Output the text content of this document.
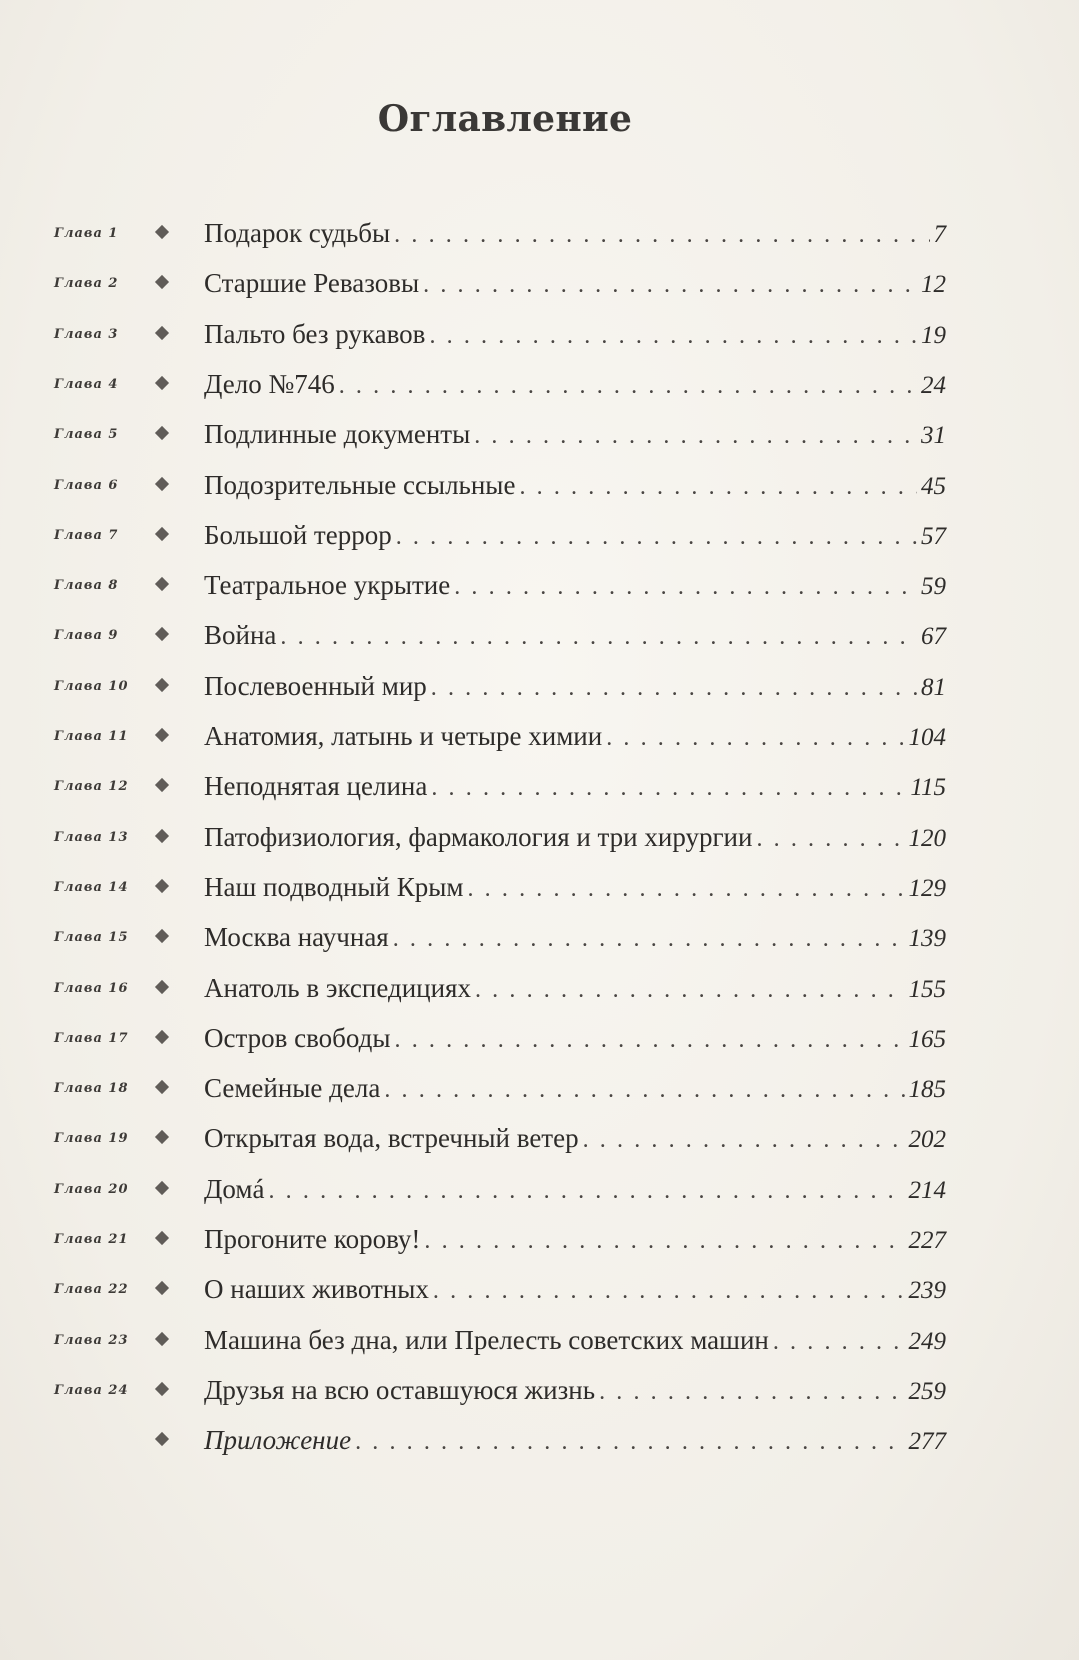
Оглавление
Глава 1	Подарок судьбы . . .	7
Глава 2	Старшие Ревазовы . . .	12
Глава 3	Пальто без рукавов . . .	19
Глава 4	Дело №746 . . .	24
Глава 5	Подлинные документы . . .	31
Глава 6	Подозрительные ссыльные . . .	45
Глава 7	Большой террор . . .	57
Глава 8	Театральное укрытие . . .	59
Глава 9	Война . . .	67
Глава 10	Послевоенный мир . . .	81
Глава 11	Анатомия, латынь и четыре химии . . .	104
Глава 12	Неподнятая целина . . .	115
Глава 13	Патофизиология, фармакология и три хирургии . . .	120
Глава 14	Наш подводный Крым . . .	129
Глава 15	Москва научная . . .	139
Глава 16	Анатоль в экспедициях . . .	155
Глава 17	Остров свободы . . .	165
Глава 18	Семейные дела . . .	185
Глава 19	Открытая вода, встречный ветер . . .	202
Глава 20	Домá . . .	214
Глава 21	Прогоните корову! . . .	227
Глава 22	О наших животных . . .	239
Глава 23	Машина без дна, или Прелесть советских машин . . .	249
Глава 24	Друзья на всю оставшуюся жизнь . . .	259
Приложение . . .	277
